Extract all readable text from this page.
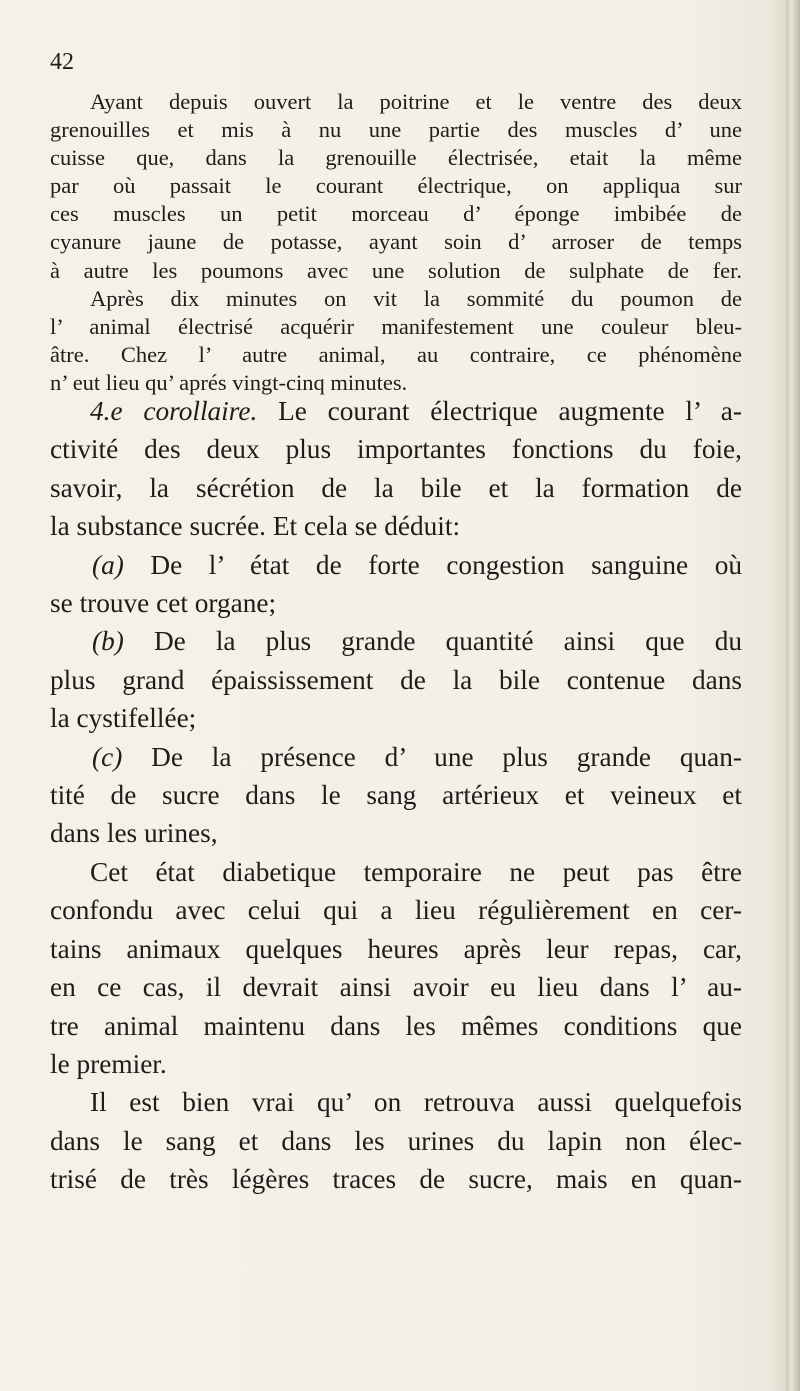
42
Ayant depuis ouvert la poitrine et le ventre des deux
grenouilles et mis à nu une partie des muscles d’ une
cuisse que, dans la grenouille électrisée, etait la même
par où passait le courant électrique, on appliqua sur
ces muscles un petit morceau d’ éponge imbibée de
cyanure jaune de potasse, ayant soin d’ arroser de temps
à autre les poumons avec une solution de sulphate de fer.
Après dix minutes on vit la sommité du poumon de
l’ animal électrisé acquérir manifestement une couleur bleu-
âtre. Chez l’ autre animal, au contraire, ce phénomène
n’ eut lieu qu’ aprés vingt-cinq minutes.
4.e corollaire. Le courant électrique augmente l’ a-
ctivité des deux plus importantes fonctions du foie,
savoir, la sécrétion de la bile et la formation de
la substance sucrée. Et cela se déduit:
(a) De l’ état de forte congestion sanguine où
se trouve cet organe;
(b) De la plus grande quantité ainsi que du
plus grand épaississement de la bile contenue dans
la cystifellée;
(c) De la présence d’ une plus grande quan-
tité de sucre dans le sang artérieux et veineux et
dans les urines,
Cet état diabetique temporaire ne peut pas être
confondu avec celui qui a lieu régulièrement en cer-
tains animaux quelques heures après leur repas, car,
en ce cas, il devrait ainsi avoir eu lieu dans l’ au-
tre animal maintenu dans les mêmes conditions que
le premier.
Il est bien vrai qu’ on retrouva aussi quelquefois
dans le sang et dans les urines du lapin non élec-
trisé de très légères traces de sucre, mais en quan-
